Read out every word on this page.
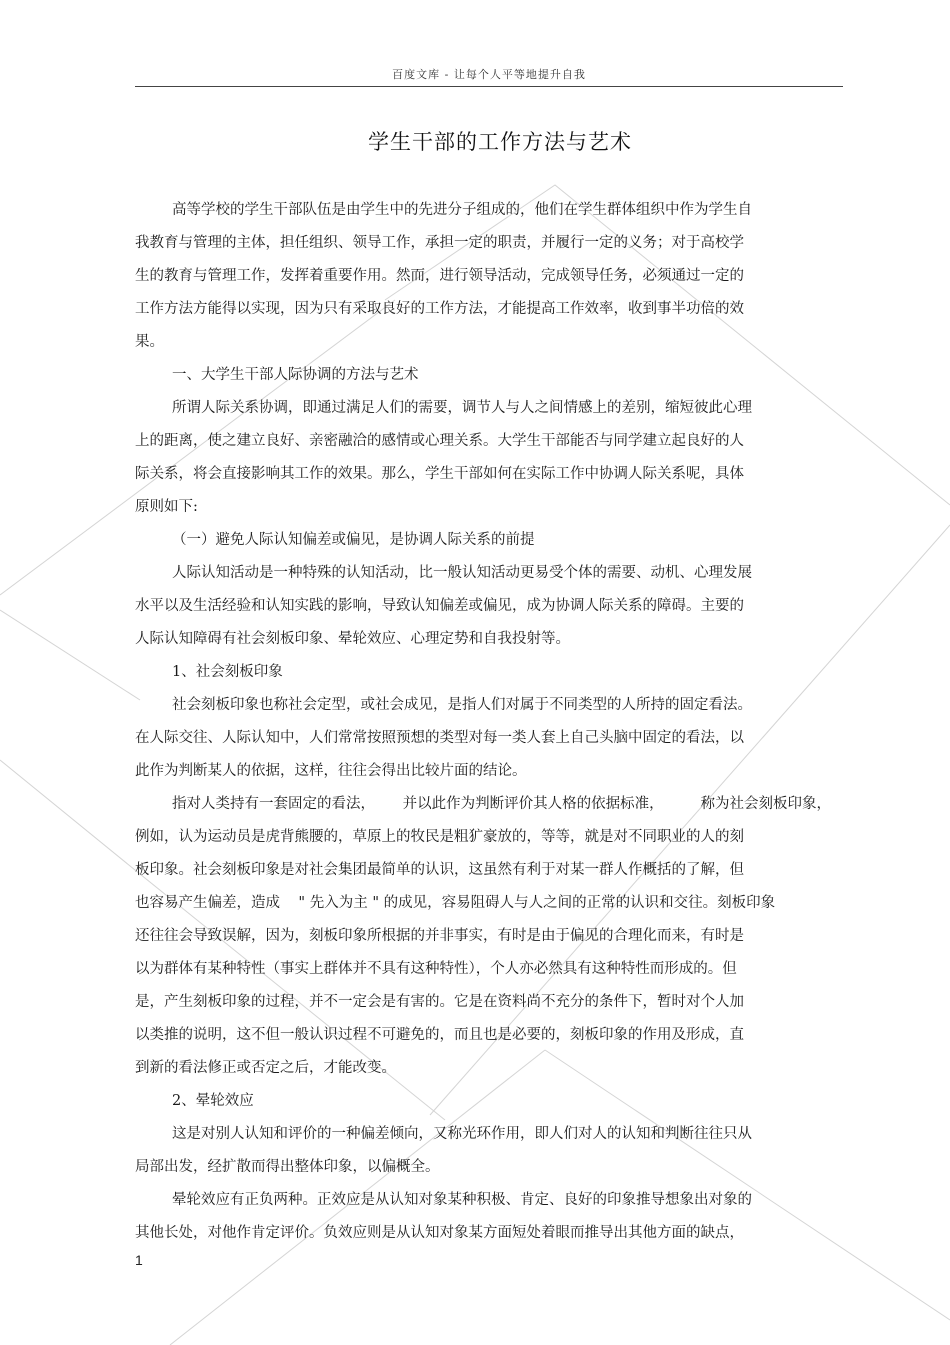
百度文库 - 让每个人平等地提升自我
学生干部的工作方法与艺术
高等学校的学生干部队伍是由学生中的先进分子组成的，他们在学生群体组织中作为学生自
我教育与管理的主体，担任组织、领导工作，承担一定的职责，并履行一定的义务；对于高校学
生的教育与管理工作，发挥着重要作用。然而，进行领导活动，完成领导任务，必须通过一定的
工作方法方能得以实现，因为只有采取良好的工作方法，才能提高工作效率，收到事半功倍的效
果。
一、大学生干部人际协调的方法与艺术
所谓人际关系协调，即通过满足人们的需要，调节人与人之间情感上的差别，缩短彼此心理
上的距离，使之建立良好、亲密融洽的感情或心理关系。大学生干部能否与同学建立起良好的人
际关系，将会直接影响其工作的效果。那么，学生干部如何在实际工作中协调人际关系呢，具体
原则如下:
（一）避免人际认知偏差或偏见，是协调人际关系的前提
人际认知活动是一种特殊的认知活动，比一般认知活动更易受个体的需要、动机、心理发展
水平以及生活经验和认知实践的影响，导致认知偏差或偏见，成为协调人际关系的障碍。主要的
人际认知障碍有社会刻板印象、晕轮效应、心理定势和自我投射等。
1、社会刻板印象
社会刻板印象也称社会定型，或社会成见，是指人们对属于不同类型的人所持的固定看法。
在人际交往、人际认知中，人们常常按照预想的类型对每一类人套上自己头脑中固定的看法，以
此作为判断某人的依据，这样，往往会得出比较片面的结论。
指对人类持有一套固定的看法，      并以此作为判断评价其人格的依据标准，        称为社会刻板印象，
例如，认为运动员是虎背熊腰的，草原上的牧民是粗犷豪放的，等等，就是对不同职业的人的刻
板印象。社会刻板印象是对社会集团最简单的认识，这虽然有利于对某一群人作概括的了解，但
也容易产生偏差，造成    " 先入为主 " 的成见，容易阻碍人与人之间的正常的认识和交往。刻板印象
还往往会导致误解，因为，刻板印象所根据的并非事实，有时是由于偏见的合理化而来，有时是
以为群体有某种特性（事实上群体并不具有这种特性），个人亦必然具有这种特性而形成的。但
是，产生刻板印象的过程，并不一定会是有害的。它是在资料尚不充分的条件下，暂时对个人加
以类推的说明，这不但一般认识过程不可避免的，而且也是必要的，刻板印象的作用及形成，直
到新的看法修正或否定之后，才能改变。
2、晕轮效应
这是对别人认知和评价的一种偏差倾向，又称光环作用，即人们对人的认知和判断往往只从
局部出发，经扩散而得出整体印象，以偏概全。
晕轮效应有正负两种。正效应是从认知对象某种积极、肯定、良好的印象推导想象出对象的
其他长处，对他作肯定评价。负效应则是从认知对象某方面短处着眼而推导出其他方面的缺点，
1
